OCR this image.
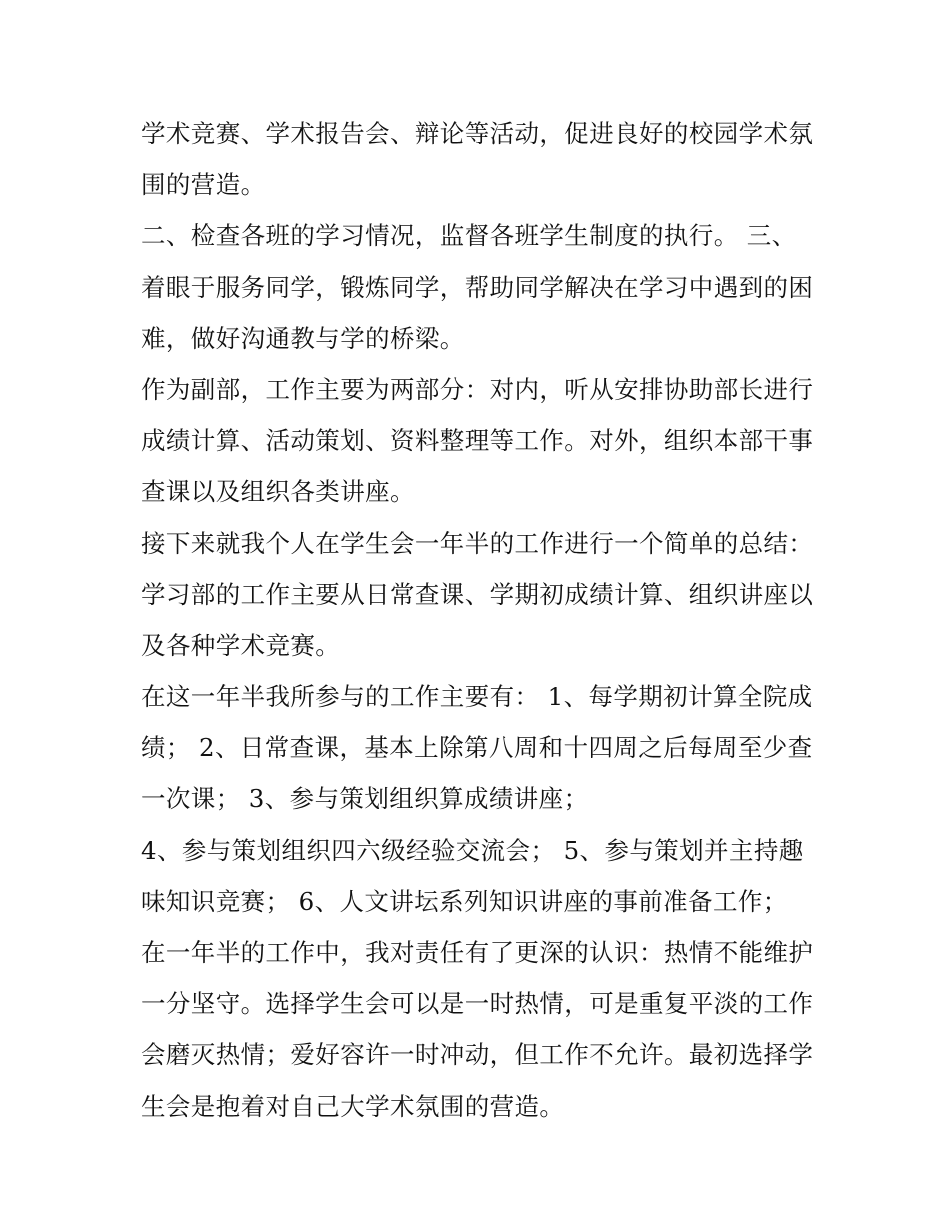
学术竞赛、学术报告会、辩论等活动，促进良好的校园学术氛
围的营造。
二、检查各班的学习情况，监督各班学生制度的执行。 三、
着眼于服务同学，锻炼同学，帮助同学解决在学习中遇到的困
难，做好沟通教与学的桥梁。
作为副部，工作主要为两部分：对内，听从安排协助部长进行
成绩计算、活动策划、资料整理等工作。对外，组织本部干事
查课以及组织各类讲座。
接下来就我个人在学生会一年半的工作进行一个简单的总结：
学习部的工作主要从日常查课、学期初成绩计算、组织讲座以
及各种学术竞赛。
在这一年半我所参与的工作主要有： 1、每学期初计算全院成
绩； 2、日常查课，基本上除第八周和十四周之后每周至少查
一次课； 3、参与策划组织算成绩讲座；
4、参与策划组织四六级经验交流会； 5、参与策划并主持趣
味知识竞赛； 6、人文讲坛系列知识讲座的事前准备工作；
在一年半的工作中，我对责任有了更深的认识：热情不能维护
一分坚守。选择学生会可以是一时热情，可是重复平淡的工作
会磨灭热情；爱好容许一时冲动，但工作不允许。最初选择学
生会是抱着对自己大学术氛围的营造。
